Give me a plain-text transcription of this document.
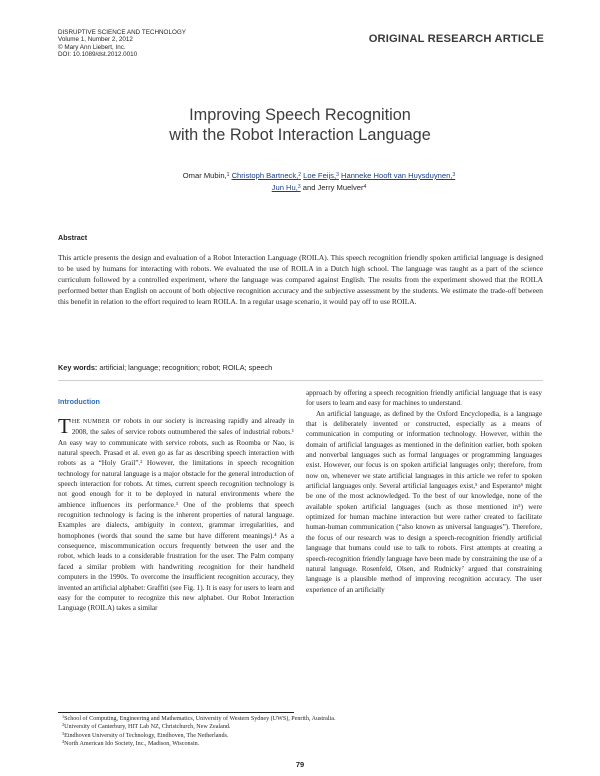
DISRUPTIVE SCIENCE AND TECHNOLOGY
Volume 1, Number 2, 2012
© Mary Ann Liebert, Inc.
DOI: 10.1089/dst.2012.0010
ORIGINAL RESEARCH ARTICLE
Improving Speech Recognition
with the Robot Interaction Language
Omar Mubin,$^1$ Christoph Bartneck,$^2$ Loe Feijs,$^3$ Hanneke Hooft van Huysduynen,$^3$
Jun Hu,$^3$ and Jerry Muelver$^4$
Abstract
This article presents the design and evaluation of a Robot Interaction Language (ROILA). This speech recognition friendly spoken artificial language is designed to be used by humans for interacting with robots. We evaluated the use of ROILA in a Dutch high school. The language was taught as a part of the science curriculum followed by a controlled experiment, where the language was compared against English. The results from the experiment showed that the ROILA performed better than English on account of both objective recognition accuracy and the subjective assessment by the students. We estimate the trade-off between this benefit in relation to the effort required to learn ROILA. In a regular usage scenario, it would pay off to use ROILA.
Key words: artificial; language; recognition; robot; ROILA; speech
Introduction
THE NUMBER OF robots in our society is increasing rapidly and already in 2008, the sales of service robots outnumbered the sales of industrial robots.¹ An easy way to communicate with service robots, such as Roomba or Nao, is natural speech. Prasad et al. even go as far as describing speech interaction with robots as a “Holy Grail”.² However, the limitations in speech recognition technology for natural language is a major obstacle for the general introduction of speech interaction for robots. At times, current speech recognition technology is not good enough for it to be deployed in natural environments where the ambience influences its performance.³ One of the problems that speech recognition technology is facing is the inherent properties of natural language. Examples are dialects, ambiguity in context, grammar irregularities, and homophones (words that sound the same but have different meanings).⁴ As a consequence, miscommunication occurs frequently between the user and the robot, which leads to a considerable frustration for the user. The Palm company faced a similar problem with handwriting recognition for their handheld computers in the 1990s. To overcome the insufficient recognition accuracy, they invented an artificial alphabet: Graffiti (see Fig. 1). It is easy for users to learn and easy for the computer to recognize this new alphabet. Our Robot Interaction Language (ROILA) takes a similar
approach by offering a speech recognition friendly artificial language that is easy for users to learn and easy for machines to understand.
An artificial language, as defined by the Oxford Encyclopedia, is a language that is deliberately invented or constructed, especially as a means of communication in computing or information technology. However, within the domain of artificial languages as mentioned in the definition earlier, both spoken and nonverbal languages such as formal languages or programming languages exist. However, our focus is on spoken artificial languages only; therefore, from now on, whenever we state artificial languages in this article we refer to spoken artificial languages only. Several artificial languages exist,⁵ and Esperanto⁶ might be one of the most acknowledged. To the best of our knowledge, none of the available spoken artificial languages (such as those mentioned in⁵) were optimized for human machine interaction but were rather created to facilitate human-human communication (“also known as universal languages”). Therefore, the focus of our research was to design a speech-recognition friendly artificial language that humans could use to talk to robots. First attempts at creating a speech-recognition friendly language have been made by constraining the use of a natural language. Rosenfeld, Olsen, and Rudnicky⁷ argued that constraining language is a plausible method of improving recognition accuracy. The user experience of an artificially
$^1$School of Computing, Engineering and Mathematics, University of Western Sydney (UWS), Penrith, Australia.
$^2$University of Canterbury, HIT Lab NZ, Christchurch, New Zealand.
$^3$Eindhoven University of Technology, Eindhoven, The Netherlands.
$^4$North American Ido Society, Inc., Madison, Wisconsin.
79
